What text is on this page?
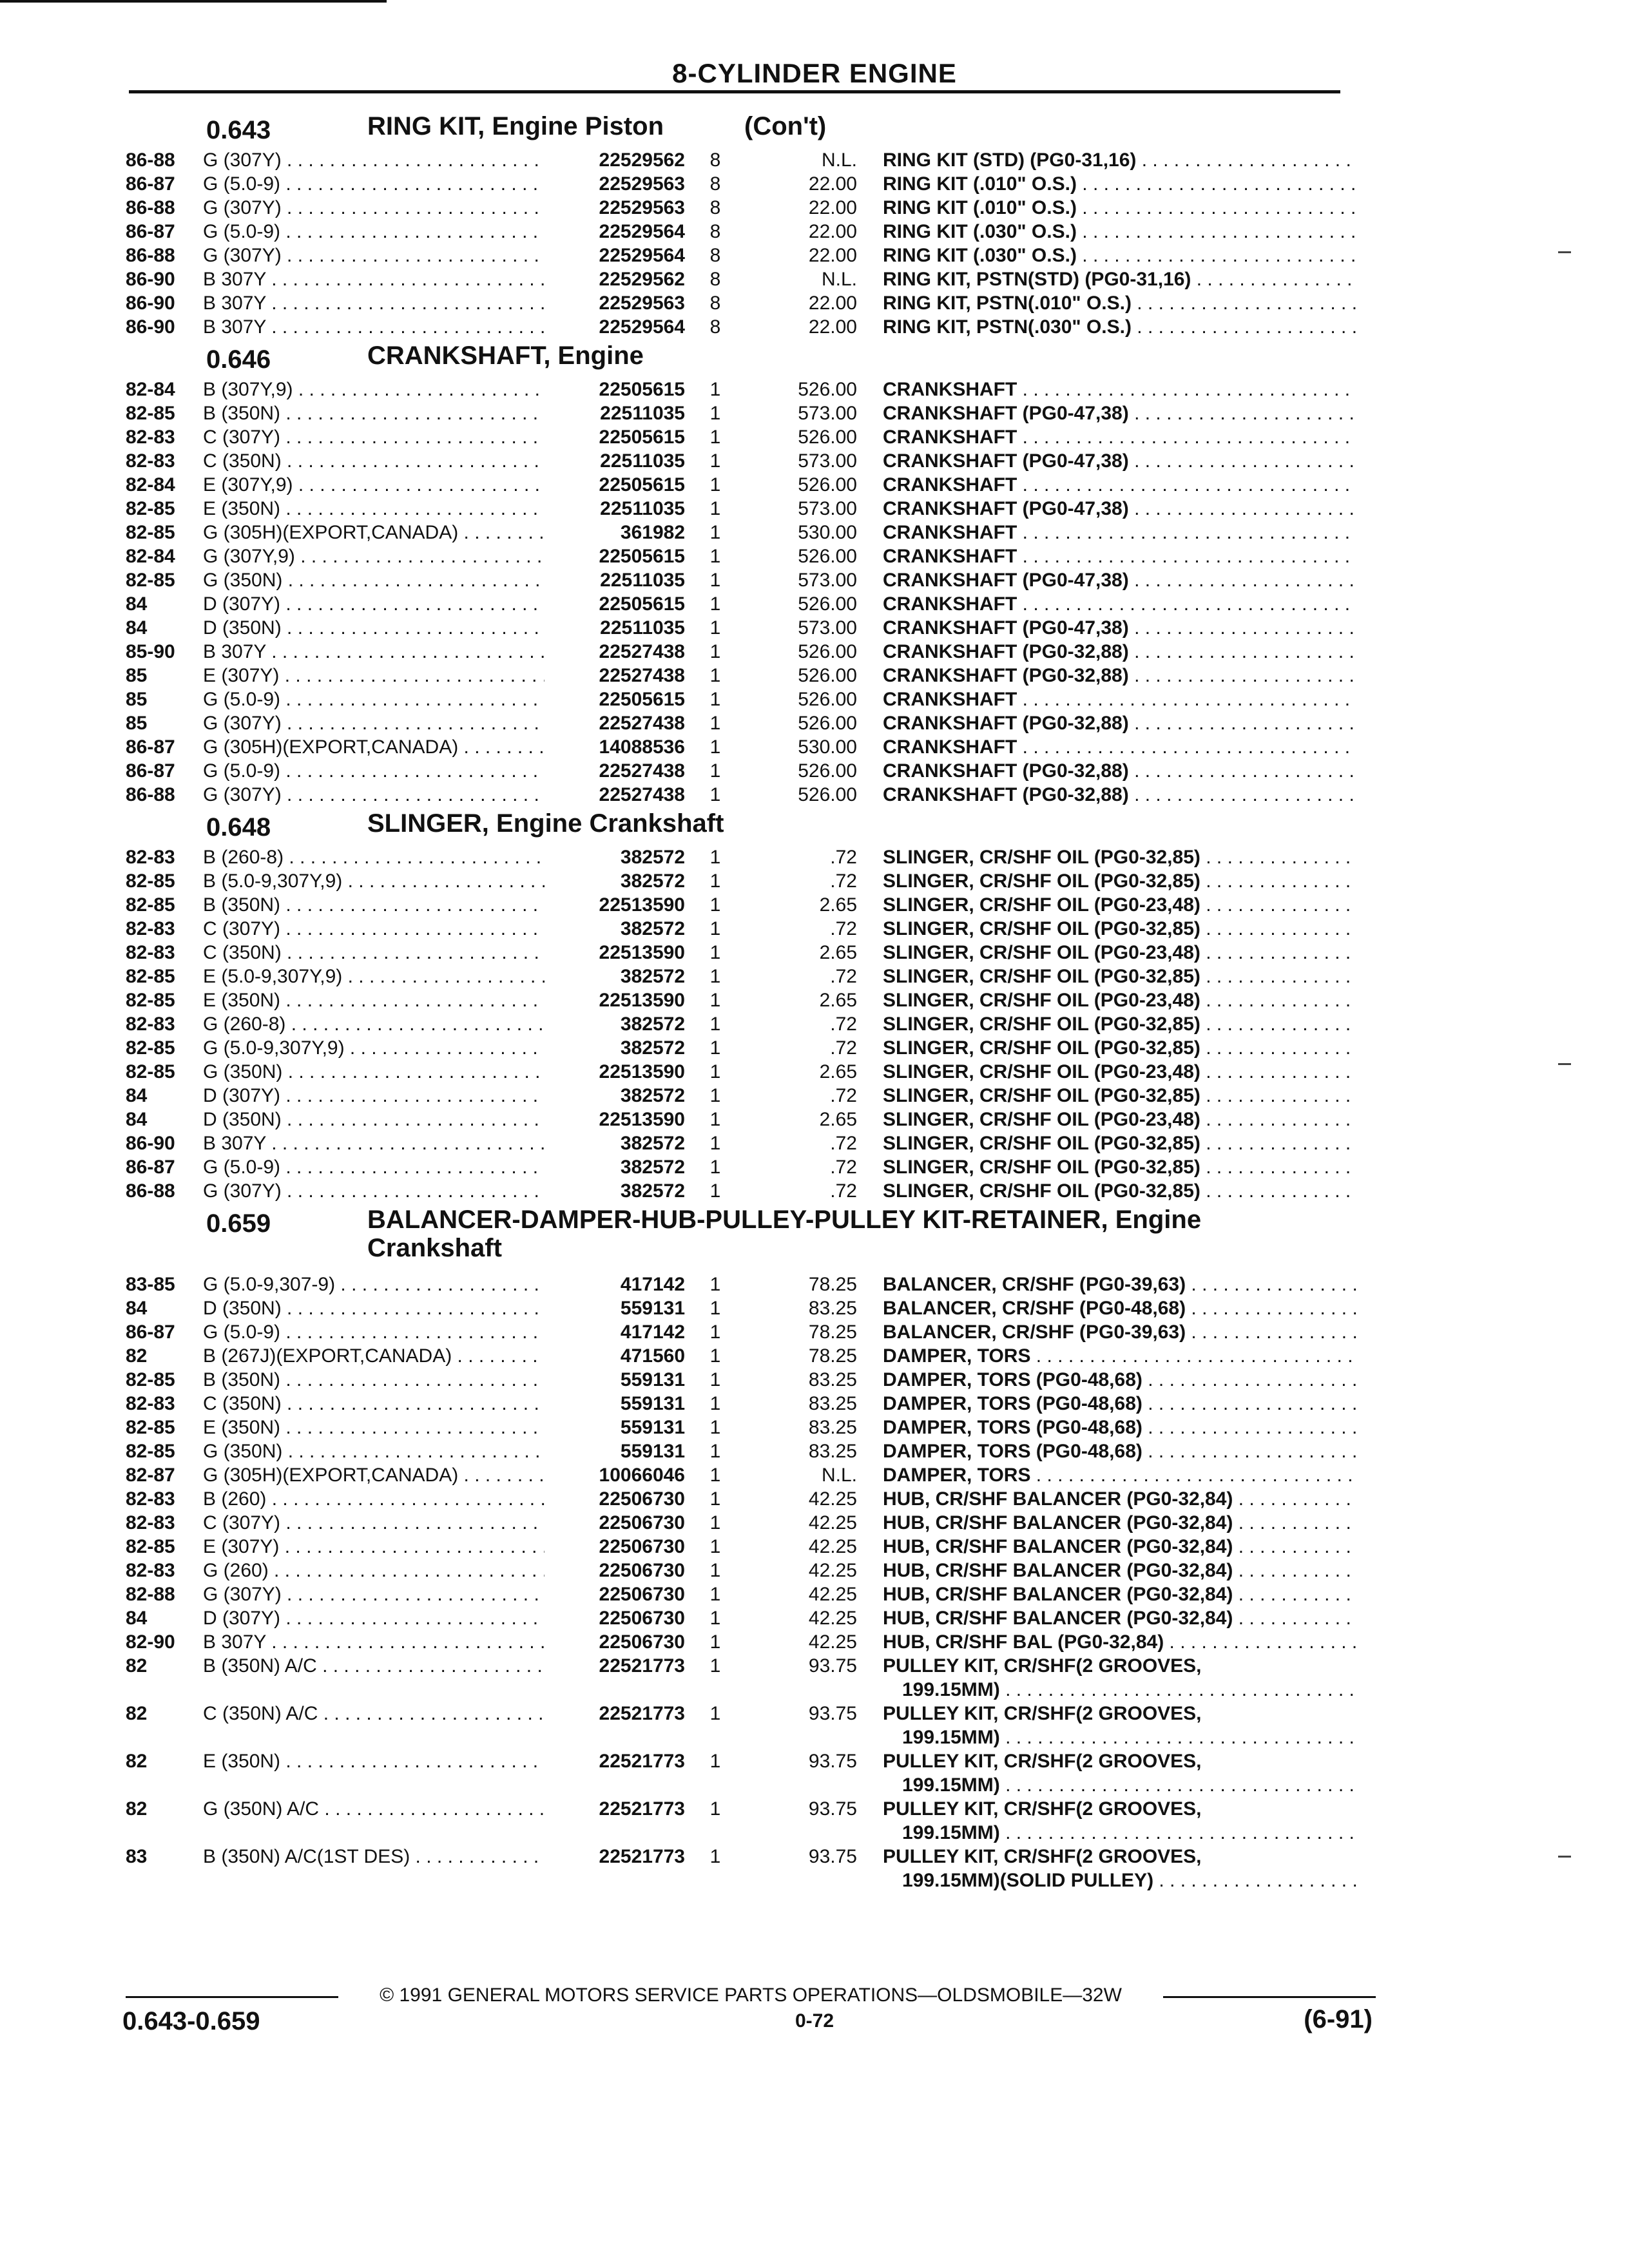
8-CYLINDER ENGINE
0.643	RING KIT, Engine Piston	(Con't)
86-88	G (307Y) . . .	22529562	8	N.L. RING KIT (STD) (PG0-31,16) . . .
86-87	G (5.0-9) . . .	22529563	8	22.00 RING KIT (.010" O.S.) . . .
86-88	G (307Y) . . .	22529563	8	22.00 RING KIT (.010" O.S.) . . .
86-87	G (5.0-9) . . .	22529564	8	22.00 RING KIT (.030" O.S.) . . .
86-88	G (307Y) . . .	22529564	8	22.00 RING KIT (.030" O.S.) . . .
86-90	B 307Y . . .	22529562	8	N.L. RING KIT, PSTN(STD) (PG0-31,16) . . .
86-90	B 307Y . . .	22529563	8	22.00 RING KIT, PSTN(.010" O.S.) . . .
86-90	B 307Y . . .	22529564	8	22.00 RING KIT, PSTN(.030" O.S.) . . .
0.646	CRANKSHAFT, Engine
82-84	B (307Y,9) . . .	22505615	1	526.00 CRANKSHAFT . . .
82-85	B (350N) . . .	22511035	1	573.00 CRANKSHAFT (PG0-47,38) . . .
82-83	C (307Y) . . .	22505615	1	526.00 CRANKSHAFT . . .
82-83	C (350N) . . .	22511035	1	573.00 CRANKSHAFT (PG0-47,38) . . .
82-84	E (307Y,9) . . .	22505615	1	526.00 CRANKSHAFT . . .
82-85	E (350N) . . .	22511035	1	573.00 CRANKSHAFT (PG0-47,38) . . .
82-85	G (305H)(EXPORT,CANADA) . . .	361982	1	530.00 CRANKSHAFT . . .
82-84	G (307Y,9) . . .	22505615	1	526.00 CRANKSHAFT . . .
82-85	G (350N) . . .	22511035	1	573.00 CRANKSHAFT (PG0-47,38) . . .
84	D (307Y) . . .	22505615	1	526.00 CRANKSHAFT . . .
84	D (350N) . . .	22511035	1	573.00 CRANKSHAFT (PG0-47,38) . . .
85-90	B 307Y . . .	22527438	1	526.00 CRANKSHAFT (PG0-32,88) . . .
85	E (307Y) . . .	22527438	1	526.00 CRANKSHAFT (PG0-32,88) . . .
85	G (5.0-9) . . .	22505615	1	526.00 CRANKSHAFT . . .
85	G (307Y) . . .	22527438	1	526.00 CRANKSHAFT (PG0-32,88) . . .
86-87	G (305H)(EXPORT,CANADA) . . .	14088536	1	530.00 CRANKSHAFT . . .
86-87	G (5.0-9) . . .	22527438	1	526.00 CRANKSHAFT (PG0-32,88) . . .
86-88	G (307Y) . . .	22527438	1	526.00 CRANKSHAFT (PG0-32,88) . . .
0.648	SLINGER, Engine Crankshaft
82-83	B (260-8) . . .	382572	1	.72 SLINGER, CR/SHF OIL (PG0-32,85) . . .
82-85	B (5.0-9,307Y,9) . . .	382572	1	.72 SLINGER, CR/SHF OIL (PG0-32,85) . . .
82-85	B (350N) . . .	22513590	1	2.65 SLINGER, CR/SHF OIL (PG0-23,48) . . .
82-83	C (307Y) . . .	382572	1	.72 SLINGER, CR/SHF OIL (PG0-32,85) . . .
82-83	C (350N) . . .	22513590	1	2.65 SLINGER, CR/SHF OIL (PG0-23,48) . . .
82-85	E (5.0-9,307Y,9) . . .	382572	1	.72 SLINGER, CR/SHF OIL (PG0-32,85) . . .
82-85	E (350N) . . .	22513590	1	2.65 SLINGER, CR/SHF OIL (PG0-23,48) . . .
82-83	G (260-8) . . .	382572	1	.72 SLINGER, CR/SHF OIL (PG0-32,85) . . .
82-85	G (5.0-9,307Y,9) . . .	382572	1	.72 SLINGER, CR/SHF OIL (PG0-32,85) . . .
82-85	G (350N) . . .	22513590	1	2.65 SLINGER, CR/SHF OIL (PG0-23,48) . . .
84	D (307Y) . . .	382572	1	.72 SLINGER, CR/SHF OIL (PG0-32,85) . . .
84	D (350N) . . .	22513590	1	2.65 SLINGER, CR/SHF OIL (PG0-23,48) . . .
86-90	B 307Y . . .	382572	1	.72 SLINGER, CR/SHF OIL (PG0-32,85) . . .
86-87	G (5.0-9) . . .	382572	1	.72 SLINGER, CR/SHF OIL (PG0-32,85) . . .
86-88	G (307Y) . . .	382572	1	.72 SLINGER, CR/SHF OIL (PG0-32,85) . . .
0.659	BALANCER-DAMPER-HUB-PULLEY-PULLEY KIT-RETAINER, Engine Crankshaft
83-85	G (5.0-9,307-9) . . .	417142	1	78.25 BALANCER, CR/SHF (PG0-39,63) . . .
84	D (350N) . . .	559131	1	83.25 BALANCER, CR/SHF (PG0-48,68) . . .
86-87	G (5.0-9) . . .	417142	1	78.25 BALANCER, CR/SHF (PG0-39,63) . . .
82	B (267J)(EXPORT,CANADA) . . .	471560	1	78.25 DAMPER, TORS . . .
82-85	B (350N) . . .	559131	1	83.25 DAMPER, TORS (PG0-48,68) . . .
82-83	C (350N) . . .	559131	1	83.25 DAMPER, TORS (PG0-48,68) . . .
82-85	E (350N) . . .	559131	1	83.25 DAMPER, TORS (PG0-48,68) . . .
82-85	G (350N) . . .	559131	1	83.25 DAMPER, TORS (PG0-48,68) . . .
82-87	G (305H)(EXPORT,CANADA) . . .	10066046	1	N.L. DAMPER, TORS . . .
82-83	B (260) . . .	22506730	1	42.25 HUB, CR/SHF BALANCER (PG0-32,84) . . .
82-83	C (307Y) . . .	22506730	1	42.25 HUB, CR/SHF BALANCER (PG0-32,84) . . .
82-85	E (307Y) . . .	22506730	1	42.25 HUB, CR/SHF BALANCER (PG0-32,84) . . .
82-83	G (260) . . .	22506730	1	42.25 HUB, CR/SHF BALANCER (PG0-32,84) . . .
82-88	G (307Y) . . .	22506730	1	42.25 HUB, CR/SHF BALANCER (PG0-32,84) . . .
84	D (307Y) . . .	22506730	1	42.25 HUB, CR/SHF BALANCER (PG0-32,84) . . .
82-90	B 307Y . . .	22506730	1	42.25 HUB, CR/SHF BAL (PG0-32,84) . . .
82	B (350N) A/C . . .	22521773	1	93.75 PULLEY KIT, CR/SHF(2 GROOVES,
199.15MM) . . .
82	C (350N) A/C . . .	22521773	1	93.75 PULLEY KIT, CR/SHF(2 GROOVES,
199.15MM) . . .
82	E (350N) . . .	22521773	1	93.75 PULLEY KIT, CR/SHF(2 GROOVES,
199.15MM) . . .
82	G (350N) A/C . . .	22521773	1	93.75 PULLEY KIT, CR/SHF(2 GROOVES,
199.15MM) . . .
83	B (350N) A/C(1ST DES) . . .	22521773	1	93.75 PULLEY KIT, CR/SHF(2 GROOVES,
199.15MM)(SOLID PULLEY) . . .
© 1991 GENERAL MOTORS SERVICE PARTS OPERATIONS—OLDSMOBILE—32W
0.643-0.659	0-72	(6-91)
